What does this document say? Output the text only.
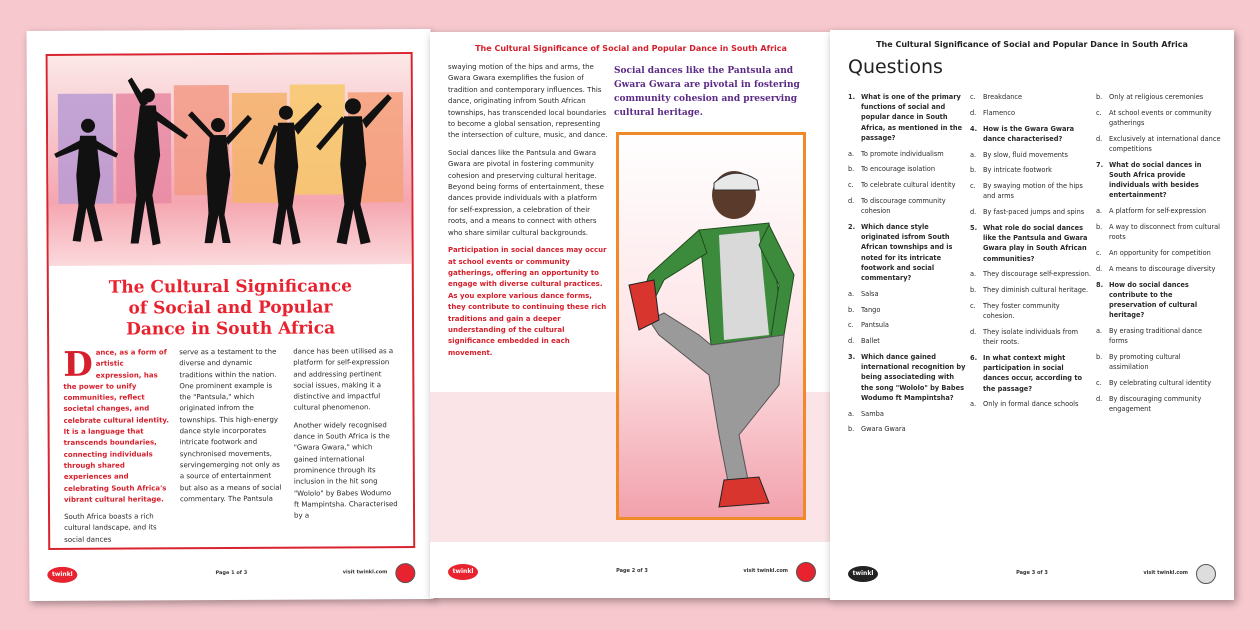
The Cultural Significance
of Social and Popular
Dance in South Africa
Dance, as a form of artistic expression, has the power to unify communities, reflect societal changes, and celebrate cultural identity. It is a language that transcends boundaries, connecting individuals through shared experiences and celebrating South Africa's vibrant cultural heritage.

South Africa boasts a rich cultural landscape, and its social dances

serve as a testament to the diverse and dynamic traditions within the nation. One prominent example is the "Pantsula," which originated infrom the townships. This high-energy dance style incorporates intricate footwork and synchronised movements, servingemerging not only as a source of entertainment but also as a means of social commentary. The Pantsula

dance has been utilised as a platform for self-expression and addressing pertinent social issues, making it a distinctive and impactful cultural phenomenon.

Another widely recognised dance in South Africa is the "Gwara Gwara," which gained international prominence through its inclusion in the hit song "Wololo" by Babes Wodumo ft Mampintsha. Characterised by a

twinkl	Page 1 of 3	visit twinkl.com
The Cultural Significance of Social and Popular Dance in South Africa

swaying motion of the hips and arms, the Gwara Gwara exemplifies the fusion of tradition and contemporary influences. This dance, originating infrom South African townships, has transcended local boundaries to become a global sensation, representing the intersection of culture, music, and dance.

Social dances like the Pantsula and Gwara Gwara are pivotal in fostering community cohesion and preserving cultural heritage. Beyond being forms of entertainment, these dances provide individuals with a platform for self-expression, a celebration of their roots, and a means to connect with others who share similar cultural backgrounds.

Participation in social dances may occur at school events or community gatherings, offering an opportunity to engage with diverse cultural practices. As you explore various dance forms, they contribute to continuing these rich traditions and gain a deeper understanding of the cultural significance embedded in each movement.

Social dances like the Pantsula and Gwara Gwara are pivotal in fostering community cohesion and preserving cultural heritage.
twinkl	Page 2 of 3	visit twinkl.com
The Cultural Significance of Social and Popular Dance in South Africa
Questions
1. What is one of the primary functions of social and popular dance in South Africa, as mentioned in the passage?
a.	To promote individualism
b.	To encourage isolation
c.	To celebrate cultural identity
d.	To discourage community cohesion
2. Which dance style originated isfrom South African townships and is noted for its intricate footwork and social commentary?
a.	Salsa
b.	Tango
c.	Pantsula
d.	Ballet
3. Which dance gained international recognition by being associateding with the song "Wololo" by Babes Wodumo ft Mampintsha?
a.	Samba
b.	Gwara Gwara
c.	Breakdance
d.	Flamenco
4. How is the Gwara Gwara dance characterised?
a.	By slow, fluid movements
b.	By intricate footwork
c.	By swaying motion of the hips and arms
d.	By fast-paced jumps and spins
5. What role do social dances like the Pantsula and Gwara Gwara play in South African communities?
a.	They discourage self-expression.
b.	They diminish cultural heritage.
c.	They foster community cohesion.
d.	They isolate individuals from their roots.
6. In what context might participation in social dances occur, according to the passage?
a.	Only in formal dance schools
b.	Only at religious ceremonies
c.	At school events or community gatherings
d.	Exclusively at international dance competitions
7. What do social dances in South Africa provide individuals with besides entertainment?
a.	A platform for self-expression
b.	A way to disconnect from cultural roots
c.	An opportunity for competition
d.	A means to discourage diversity
8. How do social dances contribute to the preservation of cultural heritage?
a.	By erasing traditional dance forms
b.	By promoting cultural assimilation
c.	By celebrating cultural identity
d.	By discouraging community engagement
twinkl	Page 3 of 3	visit twinkl.com
